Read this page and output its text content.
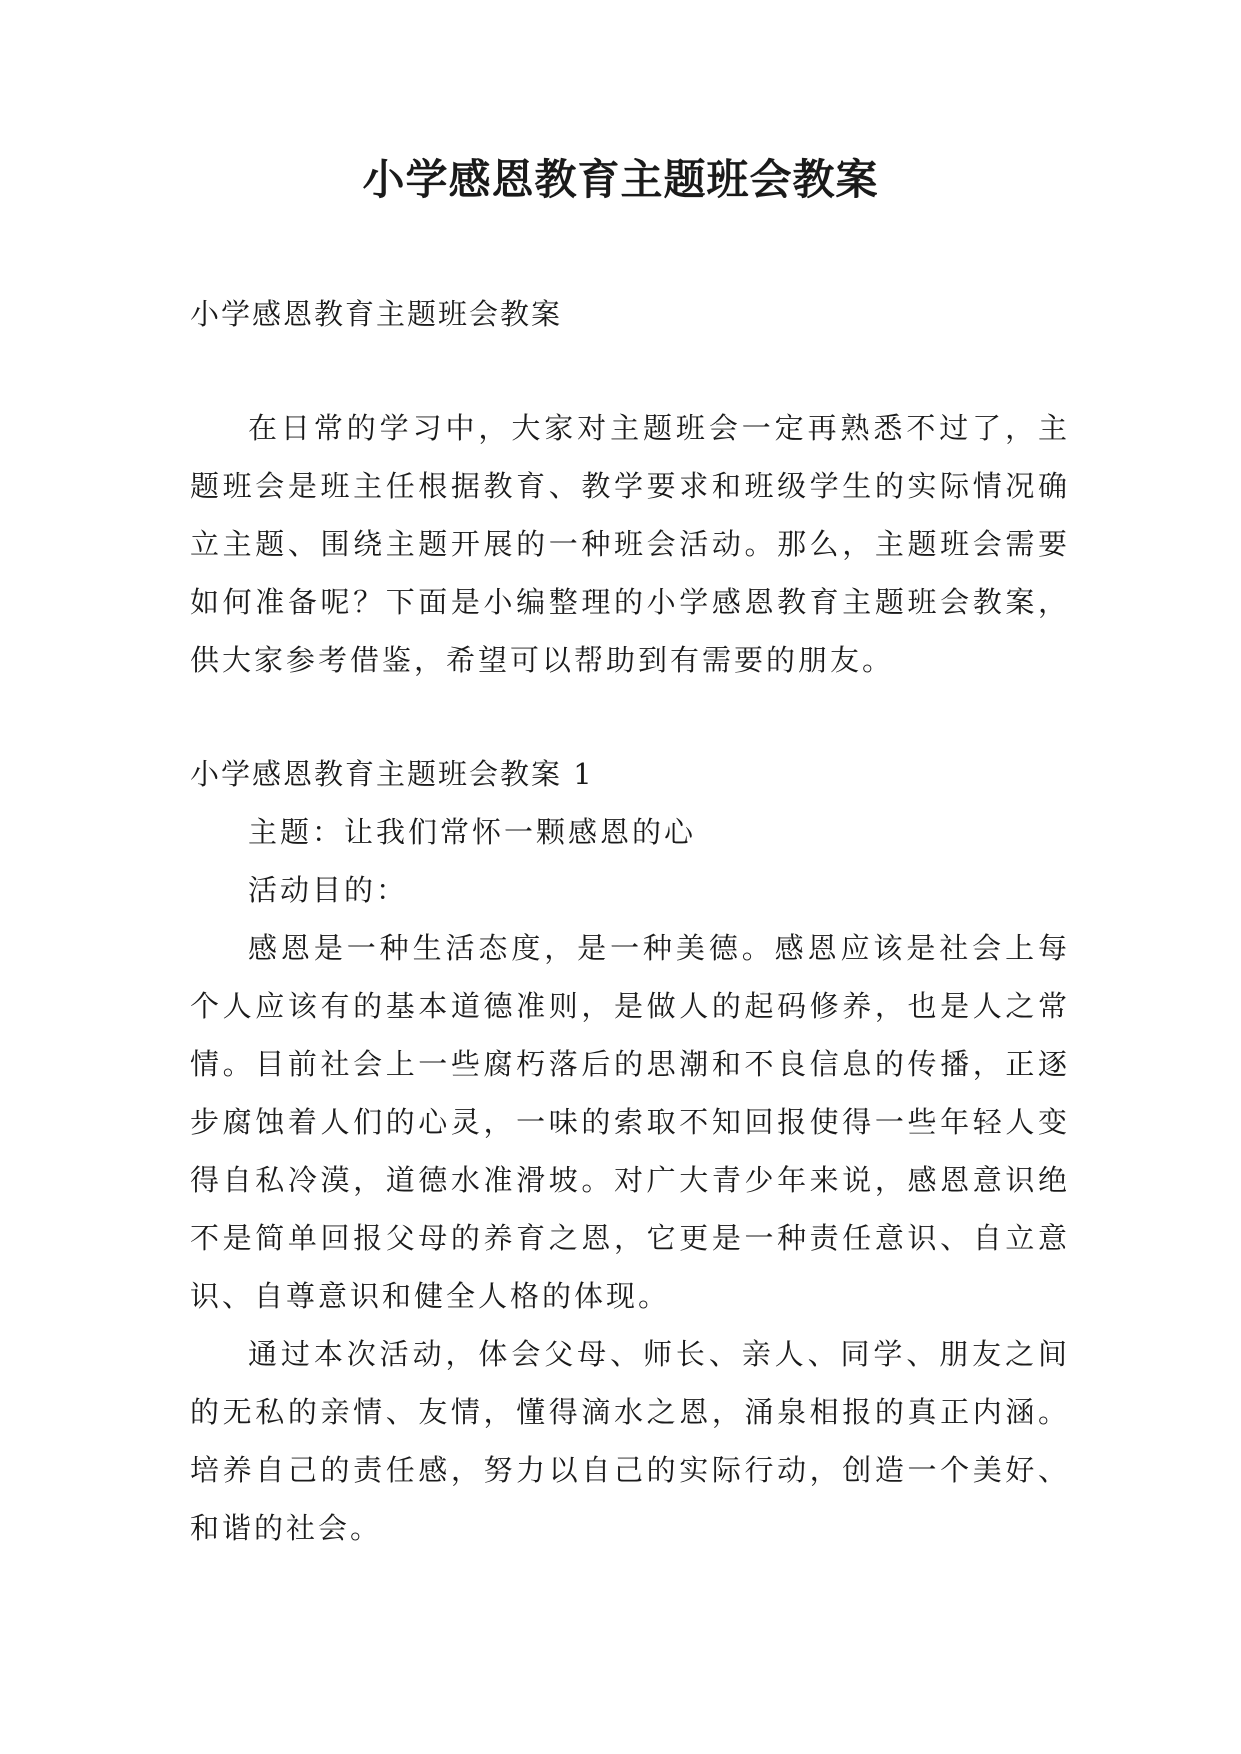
小学感恩教育主题班会教案

小学感恩教育主题班会教案

在日常的学习中，大家对主题班会一定再熟悉不过了，主题班会是班主任根据教育、教学要求和班级学生的实际情况确立主题、围绕主题开展的一种班会活动。那么，主题班会需要如何准备呢？下面是小编整理的小学感恩教育主题班会教案，供大家参考借鉴，希望可以帮助到有需要的朋友。

小学感恩教育主题班会教案 1

主题：让我们常怀一颗感恩的心

活动目的：

感恩是一种生活态度，是一种美德。感恩应该是社会上每个人应该有的基本道德准则，是做人的起码修养，也是人之常情。目前社会上一些腐朽落后的思潮和不良信息的传播，正逐步腐蚀着人们的心灵，一味的索取不知回报使得一些年轻人变得自私冷漠，道德水准滑坡。对广大青少年来说，感恩意识绝不是简单回报父母的养育之恩，它更是一种责任意识、自立意识、自尊意识和健全人格的体现。

通过本次活动，体会父母、师长、亲人、同学、朋友之间的无私的亲情、友情，懂得滴水之恩，涌泉相报的真正内涵。培养自己的责任感，努力以自己的实际行动，创造一个美好、和谐的社会。
